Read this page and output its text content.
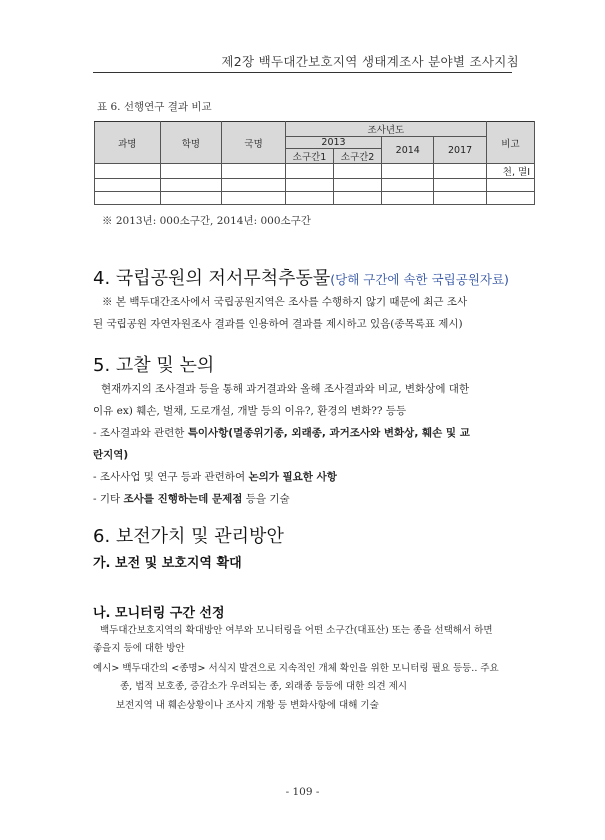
제2장 백두대간보호지역 생태계조사 분야별 조사지침
표 6. 선행연구 결과 비교
과명	학명	국명	조사년도				비고
			2013		2014	2017	
			소구간1	소구간2			
							천, 멸Ⅰ

※ 2013년: 000소구간, 2014년: 000소구간
4. 국립공원의 저서무척추동물(당해 구간에 속한 국립공원자료)
※ 본 백두대간조사에서 국립공원지역은 조사를 수행하지 않기 때문에 최근 조사
된 국립공원 자연자원조사 결과를 인용하여 결과를 제시하고 있음(종목록표 제시)
5. 고찰 및 논의
현재까지의 조사결과 등을 통해 과거결과와 올해 조사결과와 비교, 변화상에 대한
이유 ex) 훼손, 벌채, 도로개설, 개발 등의 이유?, 환경의 변화?? 등등
- 조사결과와 관련한 특이사항(멸종위기종, 외래종, 과거조사와 변화상, 훼손 및 교
란지역)
- 조사사업 및 연구 등과 관련하여 논의가 필요한 사항
- 기타 조사를 진행하는데 문제점 등을 기술
6. 보전가치 및 관리방안
가. 보전 및 보호지역 확대
나. 모니터링 구간 선정
백두대간보호지역의 확대방안 여부와 모니터링을 어떤 소구간(대표산) 또는 종을 선택해서 하면
좋을지 등에 대한 방안
예시> 백두대간의 <종명> 서식지 발견으로 지속적인 개체 확인을 위한 모니터링 필요 등등.. 주요
종, 법적 보호종, 증감소가 우려되는 종, 외래종 등등에 대한 의견 제시
보전지역 내 훼손상황이나 조사지 개황 등 변화사항에 대해 기술
- 109 -
